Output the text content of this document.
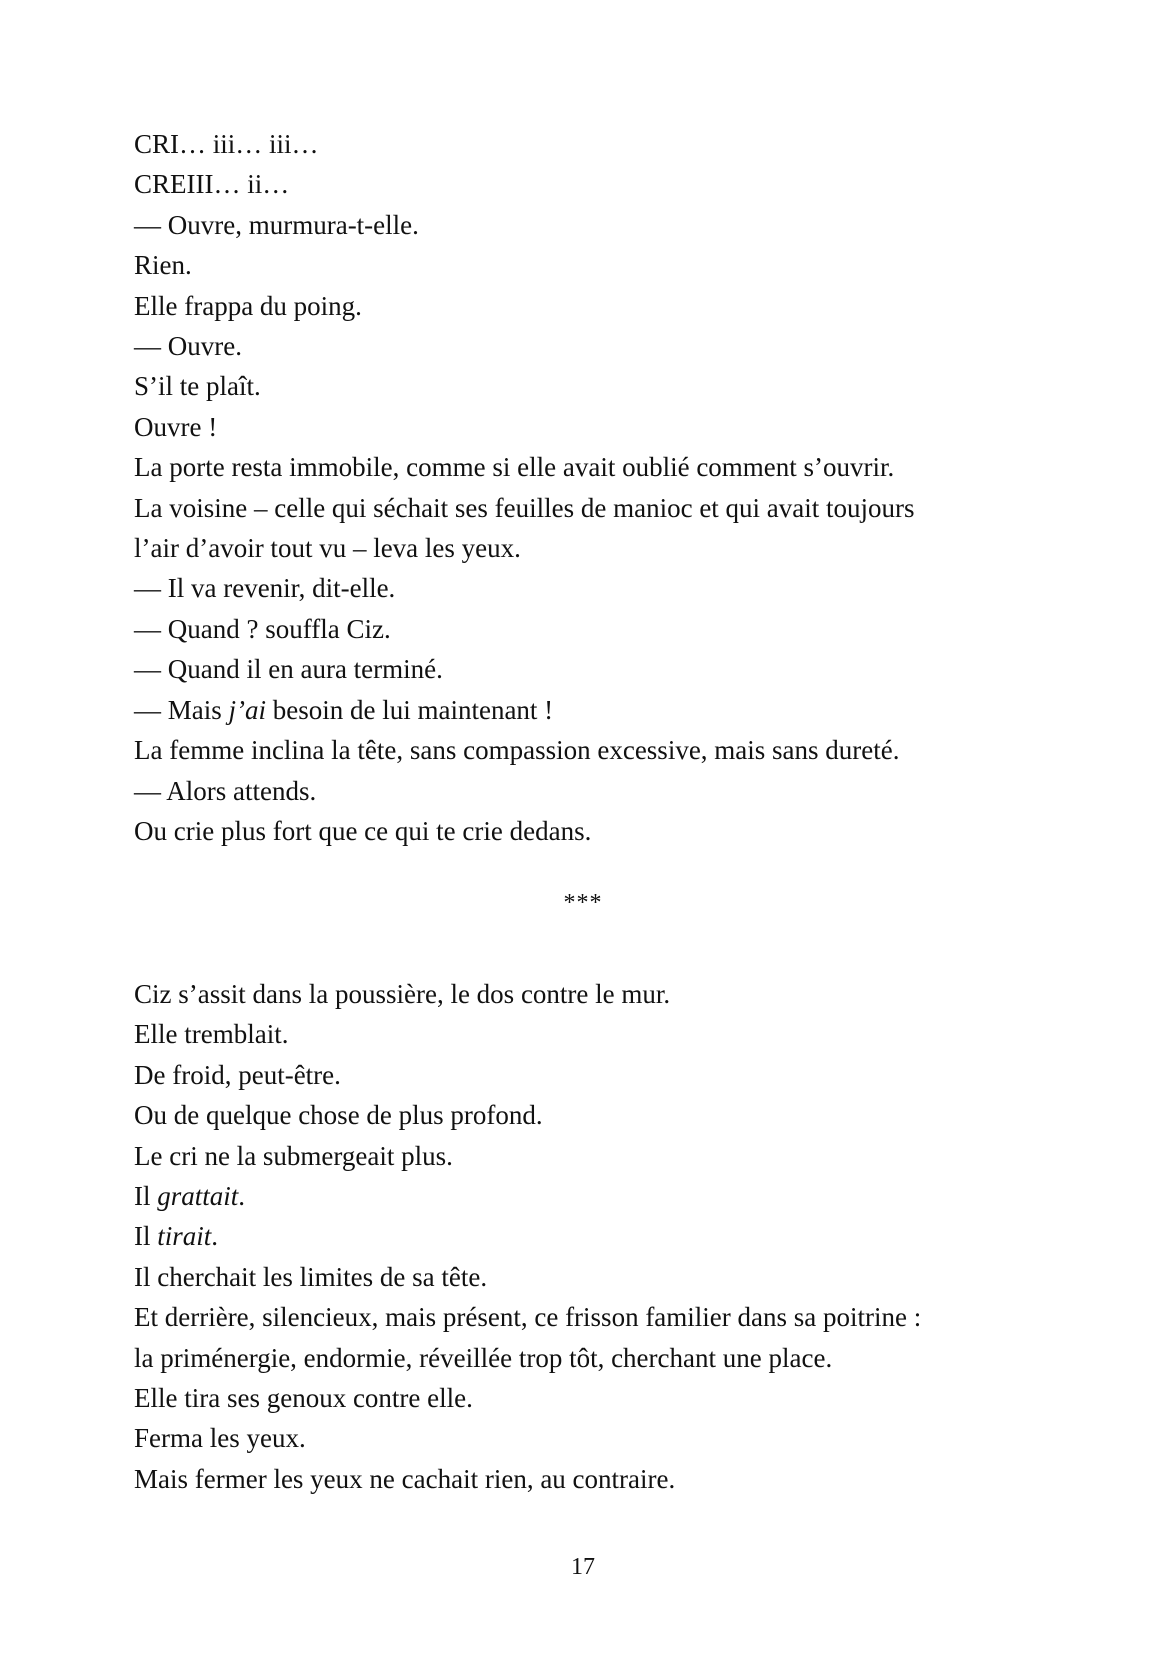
CRI… iii… iii…

CREIII… ii…

— Ouvre, murmura-t-elle.

Rien.

Elle frappa du poing.

— Ouvre.

S’il te plaît.

Ouvre !

La porte resta immobile, comme si elle avait oublié comment s’ouvrir.

La voisine – celle qui séchait ses feuilles de manioc et qui avait toujours

l’air d’avoir tout vu – leva les yeux.

— Il va revenir, dit-elle.

— Quand ? souffla Ciz.

— Quand il en aura terminé.

— Mais j’ai besoin de lui maintenant !

La femme inclina la tête, sans compassion excessive, mais sans dureté.

— Alors attends.

Ou crie plus fort que ce qui te crie dedans.

***

Ciz s’assit dans la poussière, le dos contre le mur.

Elle tremblait.

De froid, peut-être.

Ou de quelque chose de plus profond.

Le cri ne la submergeait plus.

Il grattait.

Il tirait.

Il cherchait les limites de sa tête.

Et derrière, silencieux, mais présent, ce frisson familier dans sa poitrine :

la priménergie, endormie, réveillée trop tôt, cherchant une place.

Elle tira ses genoux contre elle.

Ferma les yeux.

Mais fermer les yeux ne cachait rien, au contraire.

17
